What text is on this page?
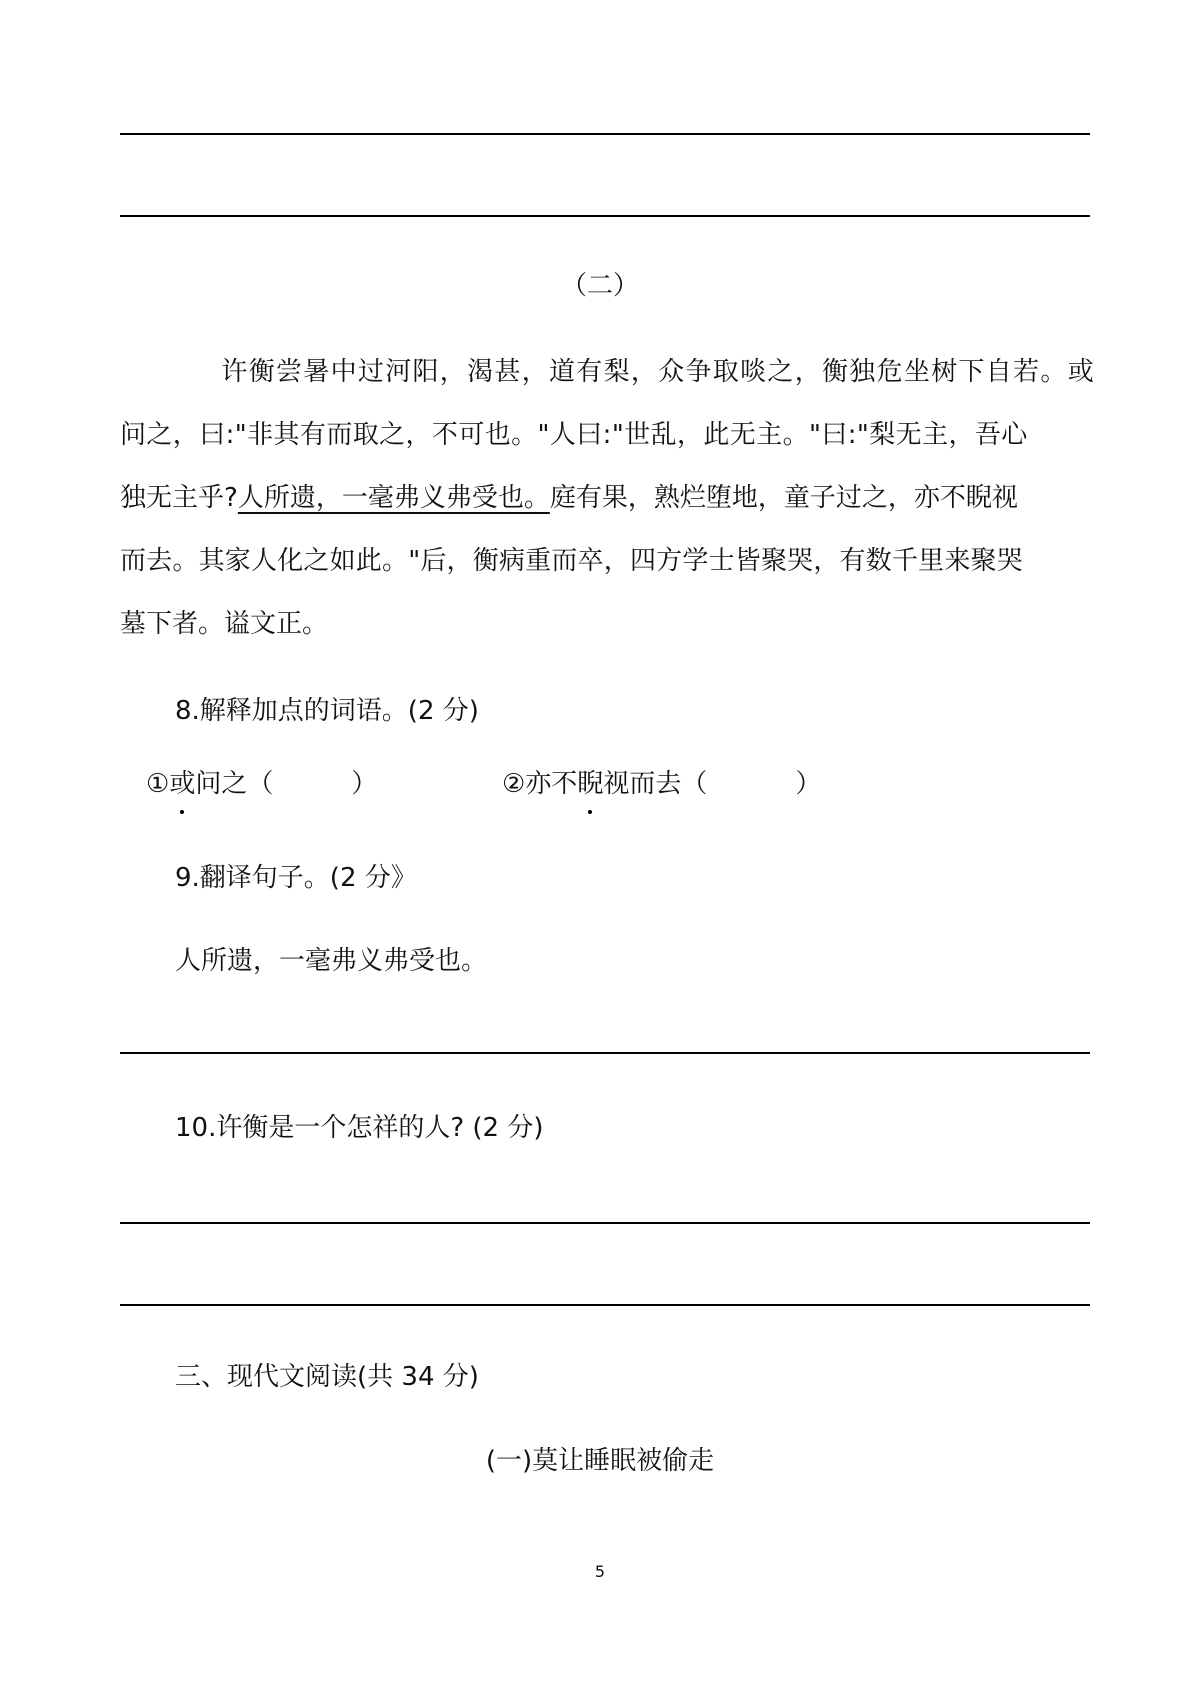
（二）
许衡尝暑中过河阳，渴甚，道有梨，众争取啖之，衡独危坐树下自若。或
问之，曰:"非其有而取之，不可也。"人曰:"世乱，此无主。"曰:"梨无主，吾心
独无主乎?人所遗，一毫弗义弗受也。庭有果，熟烂堕地，童子过之，亦不睨视
而去。其家人化之如此。"后，衡病重而卒，四方学士皆聚哭，有数千里来聚哭
墓下者。谥文正。
8.解释加点的词语。(2 分)
①或问之（	）	②亦不睨视而去（	）
9.翻译句子。(2 分》
人所遗，一毫弗义弗受也。
10.许衡是一个怎祥的人? (2 分)
三、现代文阅读(共 34 分)
(一)莫让睡眠被偷走
5
